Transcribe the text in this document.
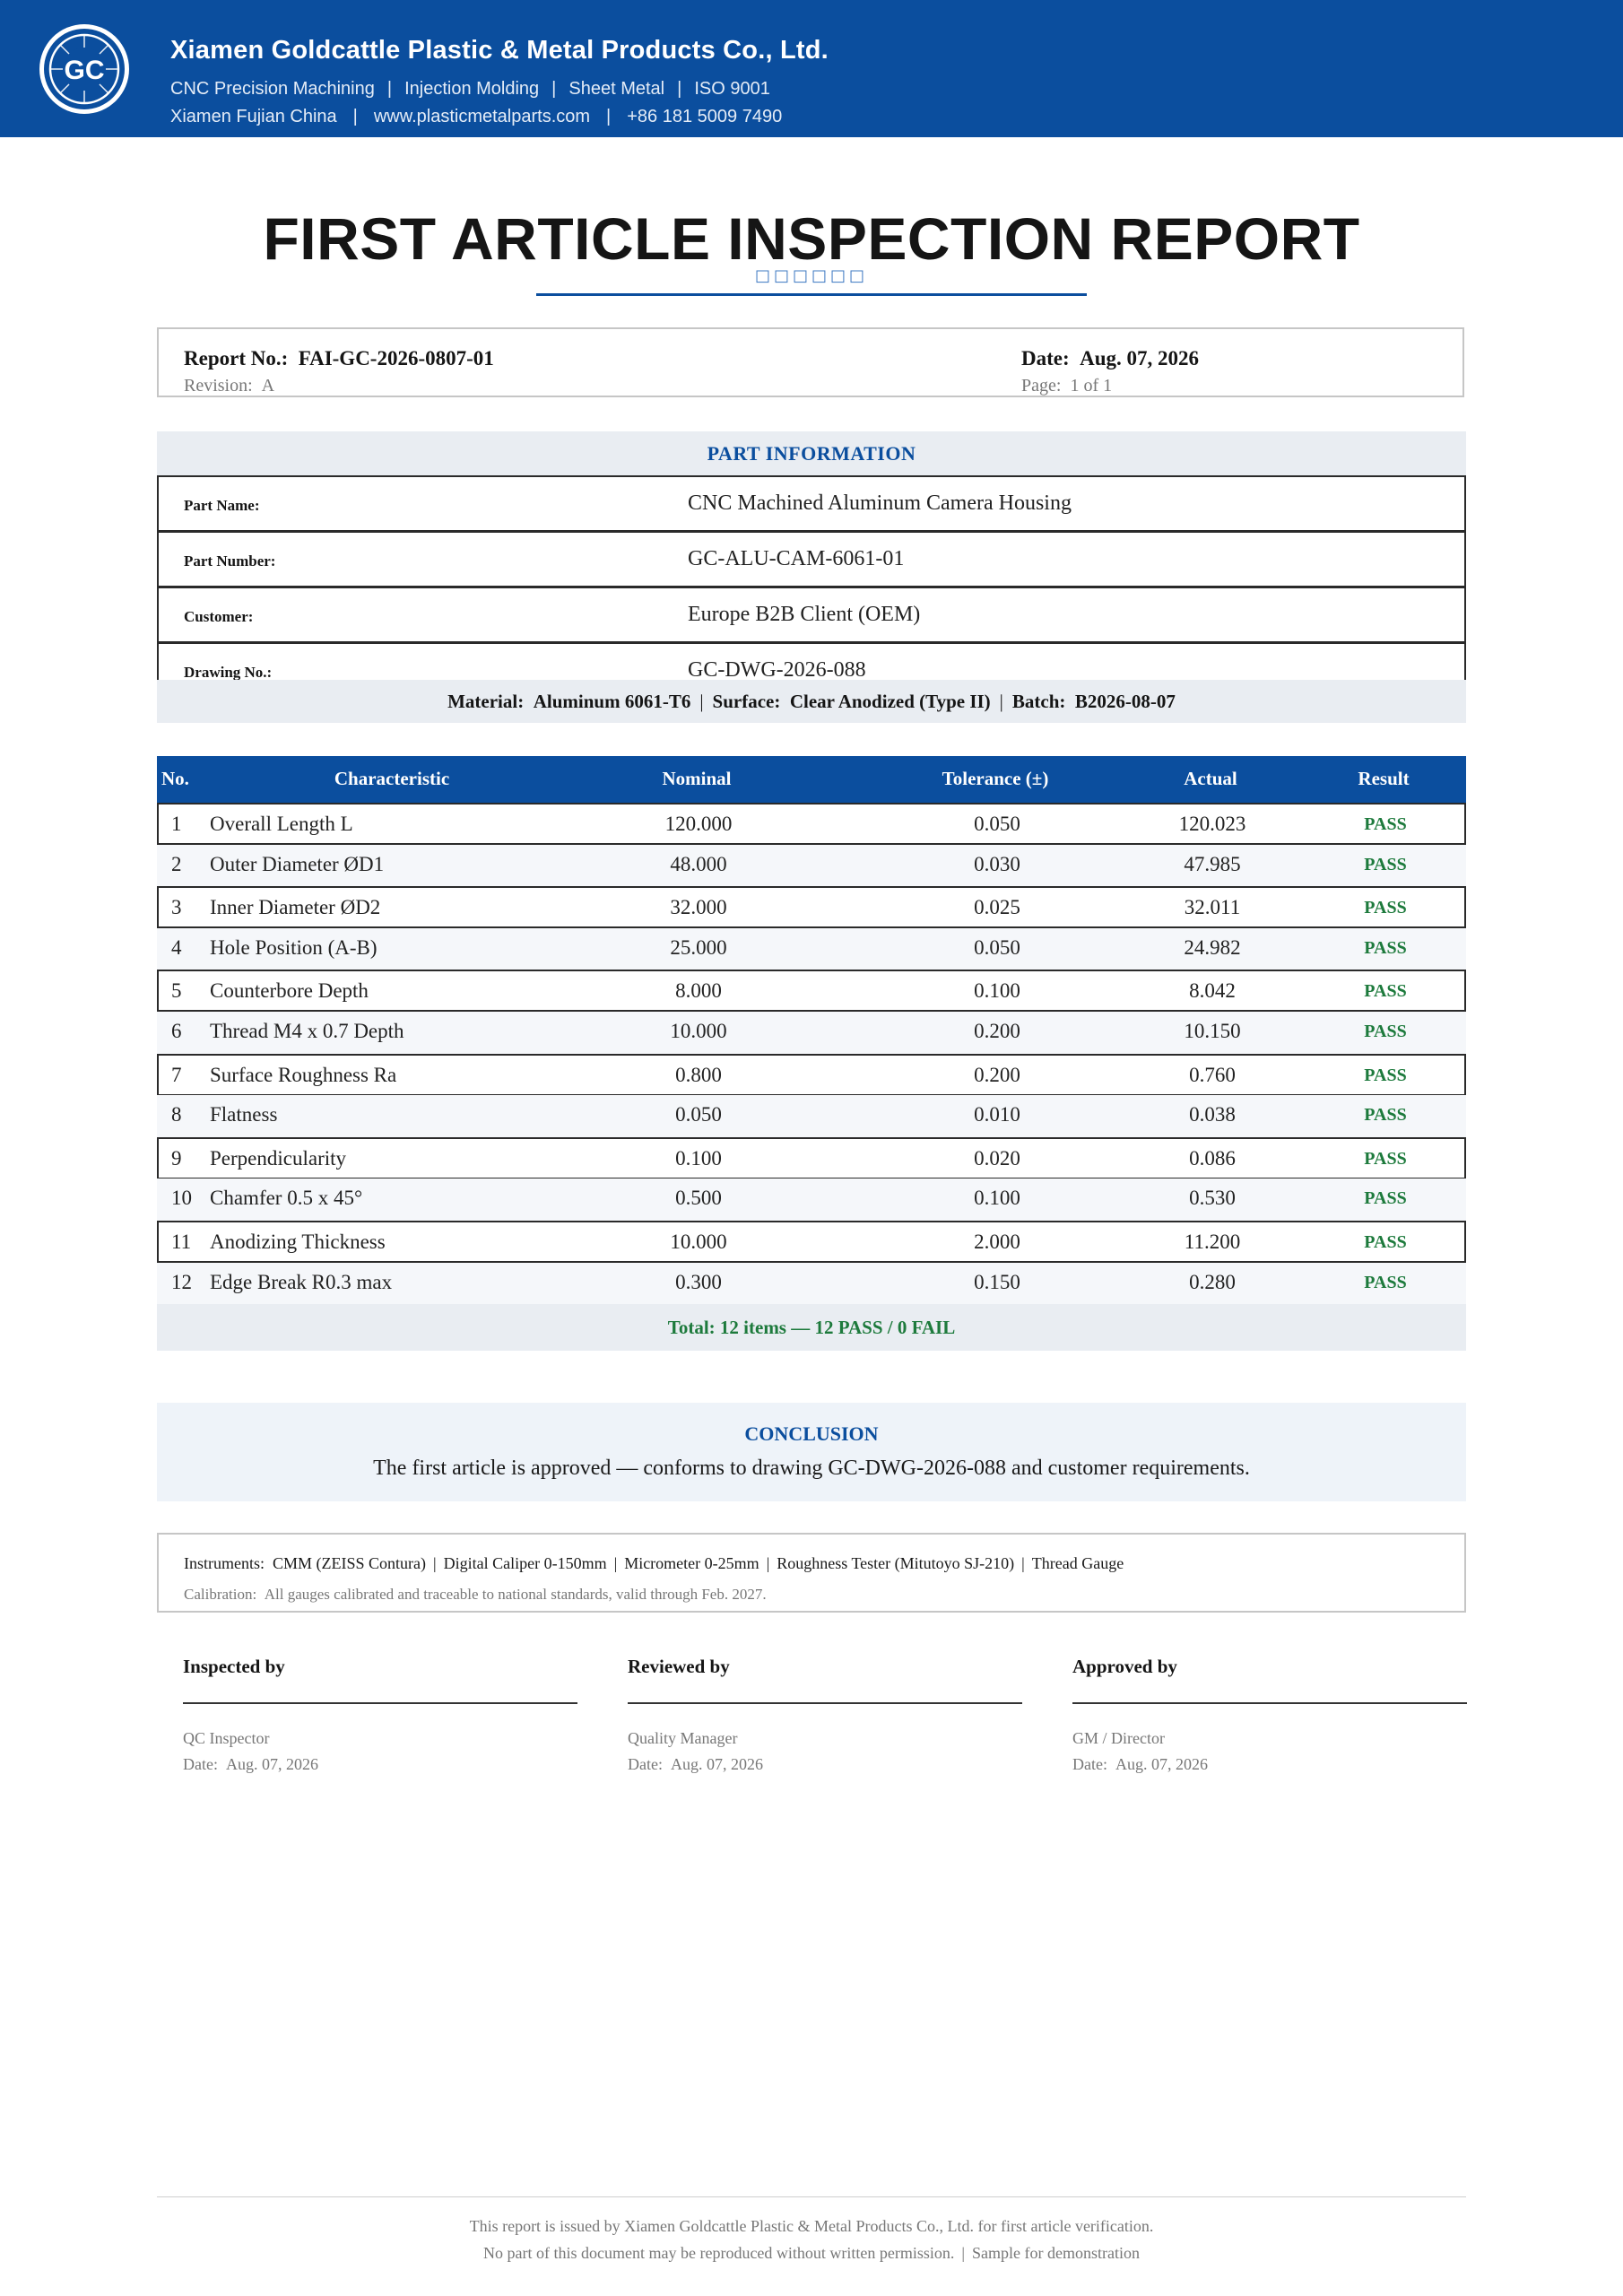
GC
Xiamen Goldcattle Plastic & Metal Products Co., Ltd.
CNC Precision Machining | Injection Molding | Sheet Metal | ISO 9001
Xiamen Fujian China | www.plasticmetalparts.com | +86 181 5009 7490
FIRST ARTICLE INSPECTION REPORT
□□□□□□
Report No.: FAI-GC-2026-0807-01
Revision: A
Date: Aug. 07, 2026
Page: 1 of 1
PART INFORMATION
Part Name:	CNC Machined Aluminum Camera Housing
Part Number:	GC-ALU-CAM-6061-01
Customer:	Europe B2B Client (OEM)
Drawing No.:	GC-DWG-2026-088
Material: Aluminum 6061-T6 | Surface: Clear Anodized (Type II) | Batch: B2026-08-07
No.	Characteristic	Nominal	Tolerance (±)	Actual	Result
1 Overall Length L	120.000	0.050	120.023	PASS
2 Outer Diameter ØD1	48.000	0.030	47.985	PASS
3 Inner Diameter ØD2	32.000	0.025	32.011	PASS
4 Hole Position (A-B)	25.000	0.050	24.982	PASS
5 Counterbore Depth	8.000	0.100	8.042	PASS
6 Thread M4 x 0.7 Depth	10.000	0.200	10.150	PASS
7 Surface Roughness Ra	0.800	0.200	0.760	PASS
8 Flatness	0.050	0.010	0.038	PASS
9 Perpendicularity	0.100	0.020	0.086	PASS
10 Chamfer 0.5 x 45°	0.500	0.100	0.530	PASS
11 Anodizing Thickness	10.000	2.000	11.200	PASS
12 Edge Break R0.3 max	0.300	0.150	0.280	PASS
Total: 12 items — 12 PASS / 0 FAIL
CONCLUSION
The first article is approved — conforms to drawing GC-DWG-2026-088 and customer requirements.
Instruments: CMM (ZEISS Contura) | Digital Caliper 0-150mm | Micrometer 0-25mm | Roughness Tester (Mitutoyo SJ-210) | Thread Gauge
Calibration: All gauges calibrated and traceable to national standards, valid through Feb. 2027.
Inspected by
QC Inspector
Date: Aug. 07, 2026
Reviewed by
Quality Manager
Date: Aug. 07, 2026
Approved by
GM / Director
Date: Aug. 07, 2026
This report is issued by Xiamen Goldcattle Plastic & Metal Products Co., Ltd. for first article verification.
No part of this document may be reproduced without written permission. | Sample for demonstration
